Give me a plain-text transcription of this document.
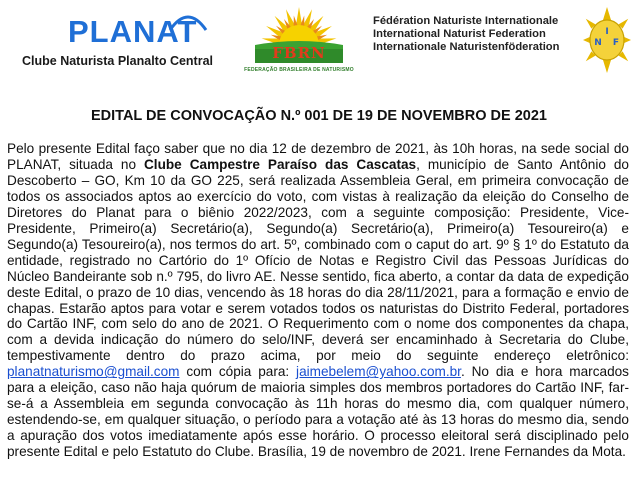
PLANAT
Clube Naturista Planalto Central	FBRN
FEDERAÇÃO BRASILEIRA DE NATURISMO
Fédération Naturiste Internationale
International Naturist Federation
Internationale Naturistenföderation
I
N F
EDITAL DE CONVOCAÇÃO N.º 001 DE 19 DE NOVEMBRO DE 2021
Pelo presente Edital faço saber que no dia 12 de dezembro de 2021, às 10h horas, na sede social do PLANAT, situada no Clube Campestre Paraíso das Cascatas, município de Santo Antônio do Descoberto – GO, Km 10 da GO 225, será realizada Assembleia Geral, em primeira convocação de todos os associados aptos ao exercício do voto, com vistas à realização da eleição do Conselho de Diretores do Planat para o biênio 2022/2023, com a seguinte composição: Presidente, Vice-Presidente, Primeiro(a) Secretário(a), Segundo(a) Secretário(a), Primeiro(a) Tesoureiro(a) e Segundo(a) Tesoureiro(a), nos termos do art. 5º, combinado com o caput do art. 9º § 1º do Estatuto da entidade, registrado no Cartório do 1º Ofício de Notas e Registro Civil das Pessoas Jurídicas do Núcleo Bandeirante sob n.º 795, do livro AE. Nesse sentido, fica aberto, a contar da data de expedição deste Edital, o prazo de 10 dias, vencendo às 18 horas do dia 28/11/2021, para a formação e envio de chapas. Estarão aptos para votar e serem votados todos os naturistas do Distrito Federal, portadores do Cartão INF, com selo do ano de 2021. O Requerimento com o nome dos componentes da chapa, com a devida indicação do número do selo/INF, deverá ser encaminhado à Secretaria do Clube, tempestivamente dentro do prazo acima, por meio do seguinte endereço eletrônico: planatnaturismo@gmail.com com cópia para: jaimebelem@yahoo.com.br. No dia e hora marcados para a eleição, caso não haja quórum de maioria simples dos membros portadores do Cartão INF, far-se-á a Assembleia em segunda convocação às 11h horas do mesmo dia, com qualquer número, estendendo-se, em qualquer situação, o período para a votação até às 13 horas do mesmo dia, sendo a apuração dos votos imediatamente após esse horário. O processo eleitoral será disciplinado pelo presente Edital e pelo Estatuto do Clube. Brasília, 19 de novembro de 2021. Irene Fernandes da Mota.
